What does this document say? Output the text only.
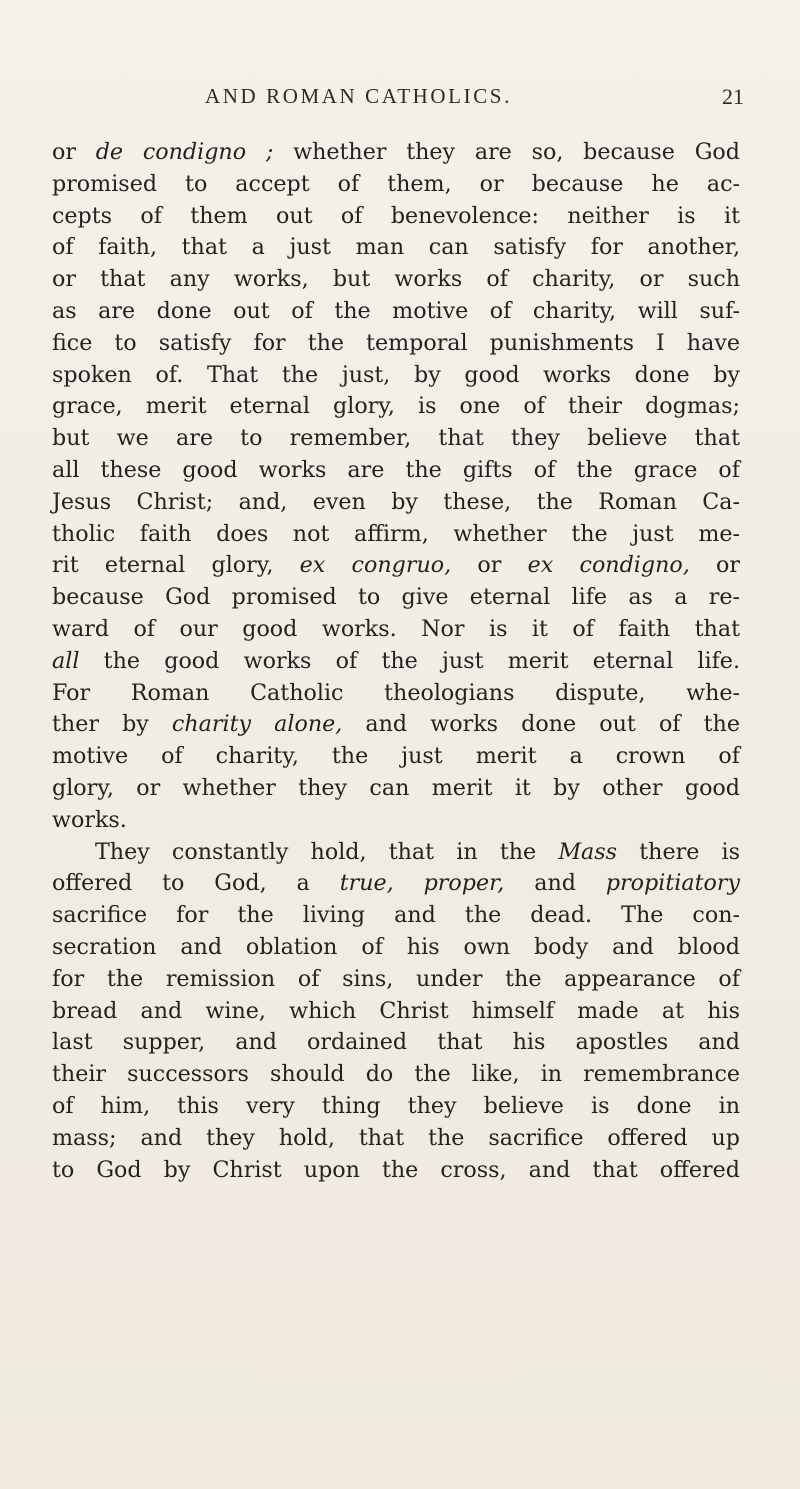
AND ROMAN CATHOLICS.	21
or de condigno ; whether they are so, because God
promised to accept of them, or because he ac-
cepts of them out of benevolence: neither is it
of faith, that a just man can satisfy for another,
or that any works, but works of charity, or such
as are done out of the motive of charity, will suf-
fice to satisfy for the temporal punishments I have
spoken of. That the just, by good works done by
grace, merit eternal glory, is one of their dogmas;
but we are to remember, that they believe that
all these good works are the gifts of the grace of
Jesus Christ; and, even by these, the Roman Ca-
tholic faith does not affirm, whether the just me-
rit eternal glory, ex congruo, or ex condigno, or
because God promised to give eternal life as a re-
ward of our good works. Nor is it of faith that
all the good works of the just merit eternal life.
For Roman Catholic theologians dispute, whe-
ther by charity alone, and works done out of the
motive of charity, the just merit a crown of
glory, or whether they can merit it by other good
works.
They constantly hold, that in the Mass there is
offered to God, a true, proper, and propitiatory
sacrifice for the living and the dead. The con-
secration and oblation of his own body and blood
for the remission of sins, under the appearance of
bread and wine, which Christ himself made at his
last supper, and ordained that his apostles and
their successors should do the like, in remembrance
of him, this very thing they believe is done in
mass; and they hold, that the sacrifice offered up
to God by Christ upon the cross, and that offered
